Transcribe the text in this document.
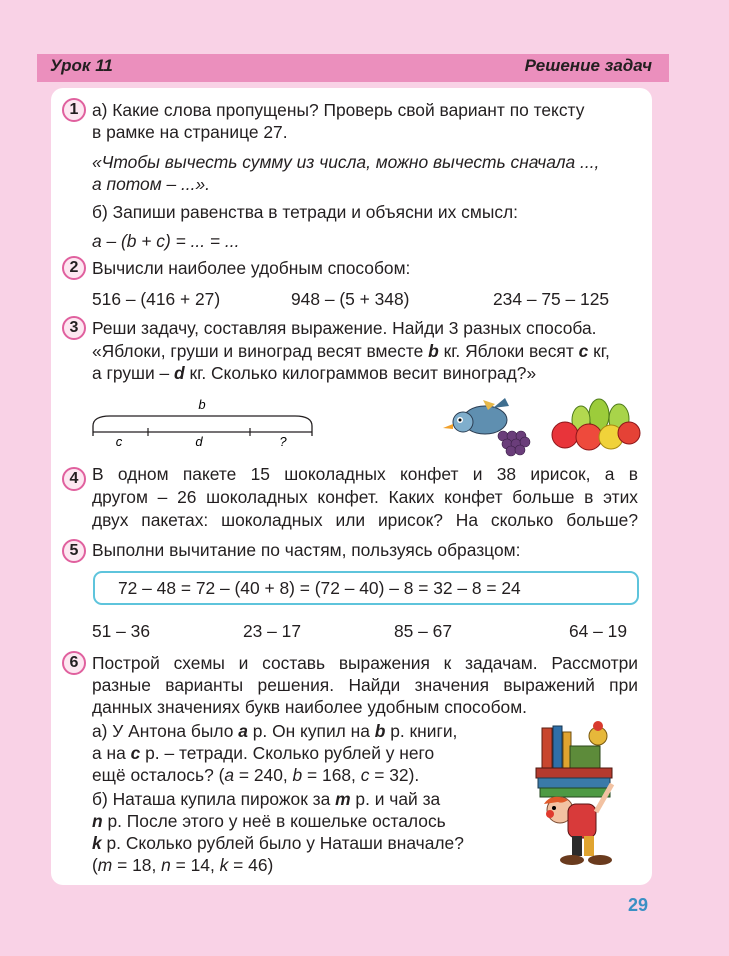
Урок 11	Решение задач
1 а) Какие слова пропущены? Проверь свой вариант по тексту
в рамке на странице 27.
«Чтобы вычесть сумму из числа, можно вычесть сначала ...,
а потом – ...».
б) Запиши равенства в тетради и объясни их смысл:
a – (b + c) = ... = ...
2 Вычисли наиболее удобным способом:
516 – (416 + 27)	948 – (5 + 348)	234 – 75 – 125
3 Реши задачу, составляя выражение. Найди 3 разных способа.
«Яблоки, груши и виноград весят вместе b кг. Яблоки весят c кг,
а груши – d кг. Сколько килограммов весит виноград?»
b
c	d	?
4 В одном пакете 15 шоколадных конфет и 38 ирисок, а в
другом – 26 шоколадных конфет. Каких конфет больше в этих
двух пакетах: шоколадных или ирисок? На сколько больше?
5 Выполни вычитание по частям, пользуясь образцом:
72 – 48 = 72 – (40 + 8) = (72 – 40) – 8 = 32 – 8 = 24
51 – 36	23 – 17	85 – 67	64 – 19
6 Построй схемы и составь выражения к задачам. Рассмотри
разные варианты решения. Найди значения выражений при
данных значениях букв наиболее удобным способом.
а) У Антона было a р. Он купил на b р. книги,
а на c р. – тетради. Сколько рублей у него
ещё осталось? (a = 240, b = 168, c = 32).
б) Наташа купила пирожок за m р. и чай за
n р. После этого у неё в кошельке осталось
k р. Сколько рублей было у Наташи вначале?
(m = 18, n = 14, k = 46)
29
